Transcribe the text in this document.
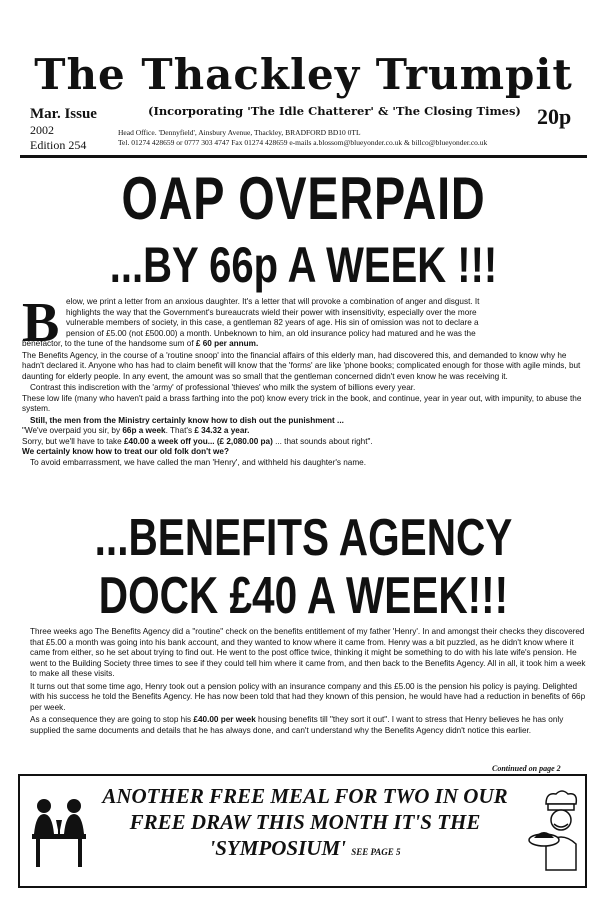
The Thackley Trumpit
Mar. Issue
2002
Edition 254
(Incorporating 'The Idle Chatterer' & 'The Closing Times) 20p
Head Office. 'Dennyfield', Ainsbury Avenue, Thackley, BRADFORD BD10 0TL
Tel. 01274 428659 or 0777 303 4747 Fax 01274 428659 e-mails a.blossom@blueyonder.co.uk & billco@blueyonder.co.uk
OAP OVERPAID
...BY 66p A WEEK !!!
B elow, we print a letter from an anxious daughter. It's a letter that will provoke a combination of anger and disgust. It
highlights the way that the Government's bureaucrats wield their power with insensitivity, especially over the more
vulnerable members of society, in this case, a gentleman 82 years of age. His sin of omission was not to declare a
pension of £5.00 (not £500.00) a month. Unbeknown to him, an old insurance policy had matured and he was the
benefactor, to the tune of the handsome sum of £ 60 per annum.
The Benefits Agency, in the course of a 'routine snoop' into the financial affairs of this elderly man, had discovered this, and demanded to know why he hadn't declared it. Anyone who has had to claim benefit will know that the 'forms' are like 'phone books; complicated enough for those with agile minds, but daunting for elderly people. In any event, the amount was so small that the gentleman concerned didn't even know he was receiving it.
Contrast this indiscretion with the 'army' of professional 'thieves' who milk the system of billions every year.
These low life (many who haven't paid a brass farthing into the pot) know every trick in the book, and continue, year in year out, with impunity, to abuse the system.
Still, the men from the Ministry certainly know how to dish out the punishment ...
"We've overpaid you sir, by 66p a week. That's £ 34.32 a year.
Sorry, but we'll have to take £40.00 a week off you... (£ 2,080.00 pa) ... that sounds about right".
We certainly know how to treat our old folk don't we?
To avoid embarrassment, we have called the man 'Henry', and withheld his daughter's name.
...BENEFITS AGENCY
DOCK £40 A WEEK!!!
Three weeks ago The Benefits Agency did a "routine" check on the benefits entitlement of my father 'Henry'. In and amongst their checks they discovered that £5.00 a month was going into his bank account, and they wanted to know where it came from. Henry was a bit puzzled, as he didn't know where it came from either, so he set about trying to find out. He went to the post office twice, thinking it might be something to do with his late wife's pension. He went to the Building Society three times to see if they could tell him where it came from, and then back to the Benefits Agency. All in all, it took him a week to make all these visits.
It turns out that some time ago, Henry took out a pension policy with an insurance company and this £5.00 is the pension his policy is paying. Delighted with his success he told the Benefits Agency. He has now been told that had they known of this pension, he would have had a reduction in benefits of 66p per week.
As a consequence they are going to stop his £40.00 per week housing benefits till "they sort it out". I want to stress that Henry believes he has only supplied the same documents and details that he has always done, and can't understand why the Benefits Agency didn't notice this earlier.
Continued on page 2
ANOTHER FREE MEAL FOR TWO IN OUR
FREE DRAW THIS MONTH IT'S THE
'SYMPOSIUM' SEE PAGE 5
